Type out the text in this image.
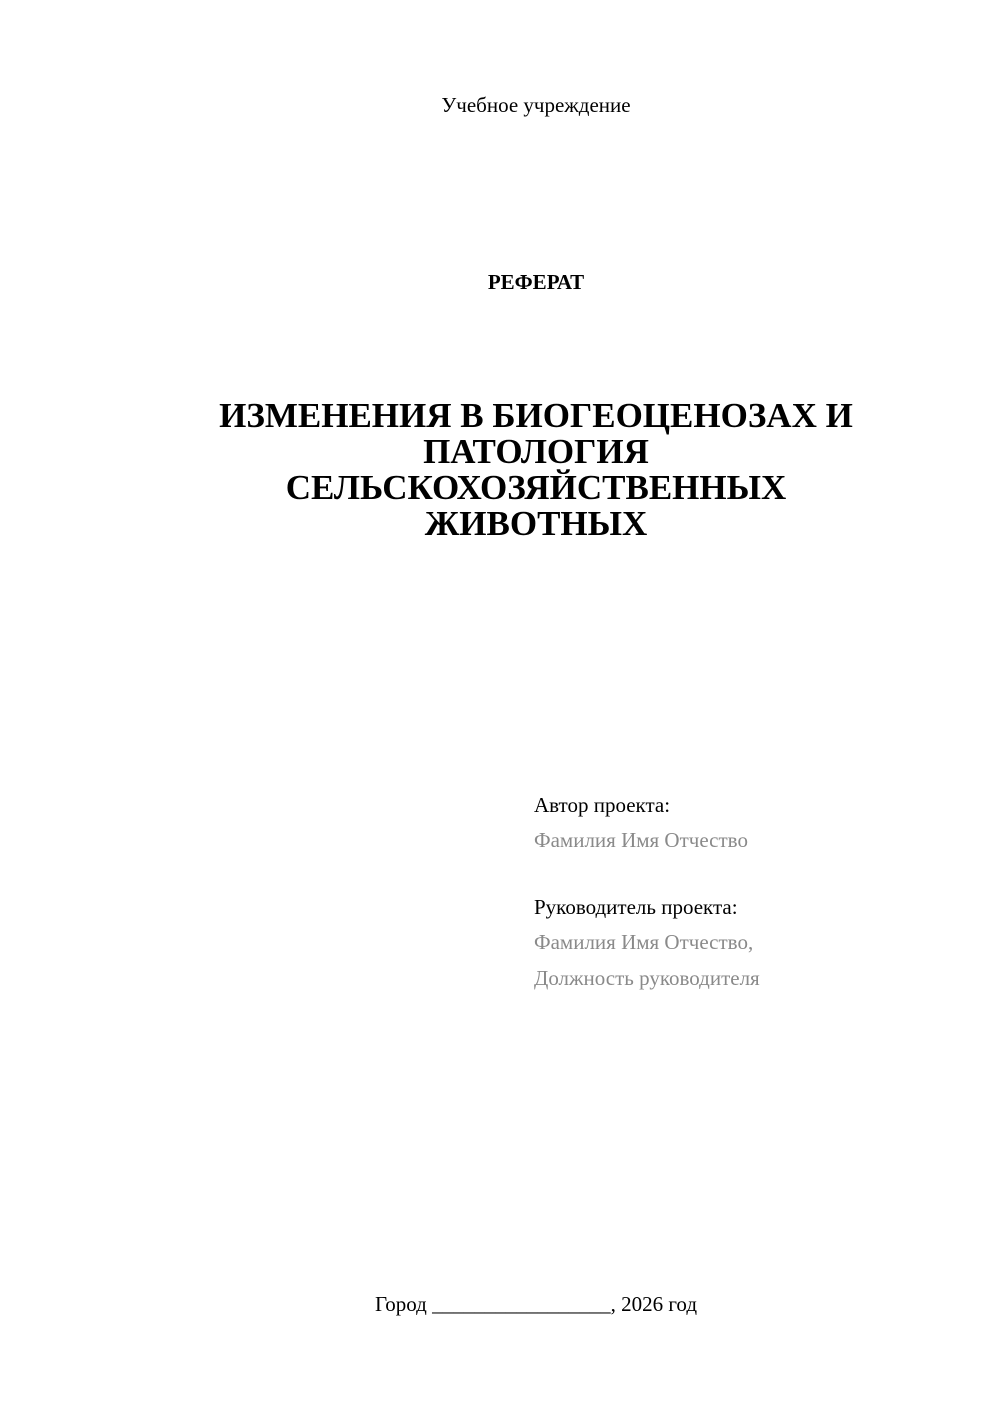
Учебное учреждение
РЕФЕРАТ
ИЗМЕНЕНИЯ В БИОГЕОЦЕНОЗАХ И
ПАТОЛОГИЯ
СЕЛЬСКОХОЗЯЙСТВЕННЫХ
ЖИВОТНЫХ
Автор проекта:
Фамилия Имя Отчество
Руководитель проекта:
Фамилия Имя Отчество,
Должность руководителя
Город _________________, 2026 год
